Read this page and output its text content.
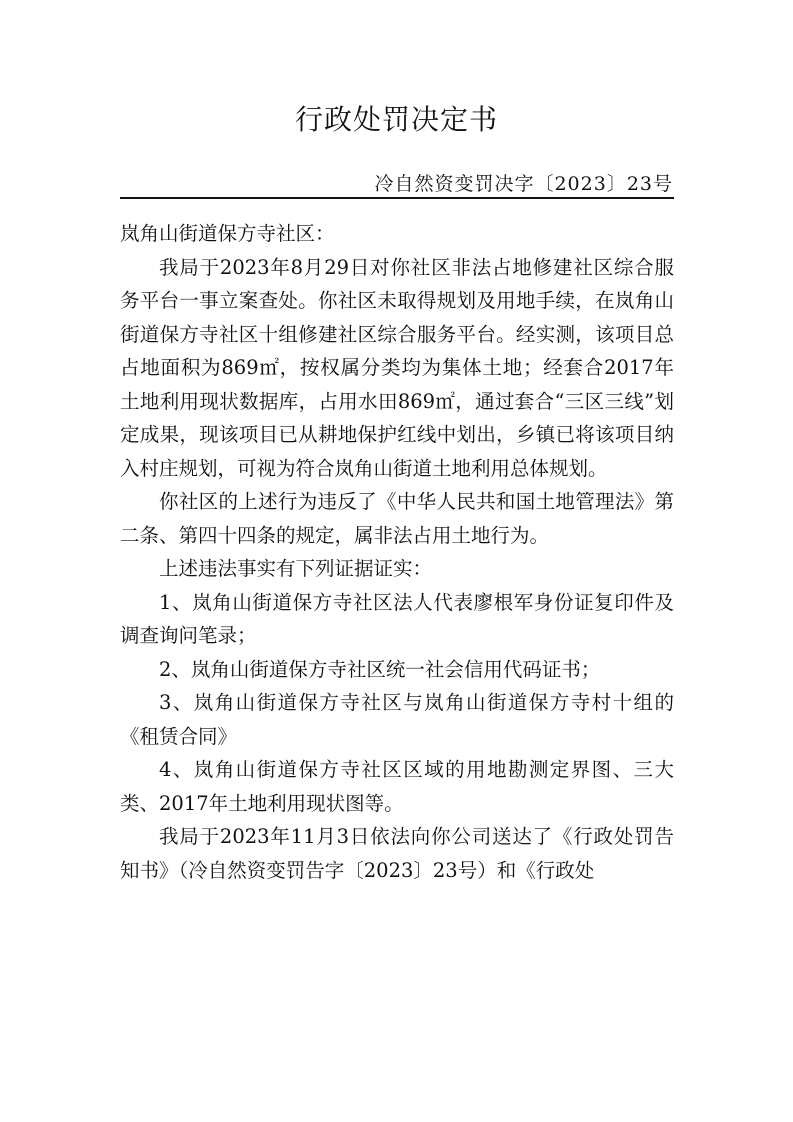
行政处罚决定书
冷自然资变罚决字〔2023〕23号

岚角山街道保方寺社区：

我局于2023年8月29日对你社区非法占地修建社区综合服务平台一事立案查处。你社区未取得规划及用地手续，在岚角山街道保方寺社区十组修建社区综合服务平台。经实测，该项目总占地面积为869㎡，按权属分类均为集体土地；经套合2017年土地利用现状数据库，占用水田869㎡，通过套合“三区三线”划定成果，现该项目已从耕地保护红线中划出，乡镇已将该项目纳入村庄规划，可视为符合岚角山街道土地利用总体规划。

你社区的上述行为违反了《中华人民共和国土地管理法》第二条、第四十四条的规定，属非法占用土地行为。

上述违法事实有下列证据证实：

1、岚角山街道保方寺社区法人代表廖根军身份证复印件及调查询问笔录；

2、岚角山街道保方寺社区统一社会信用代码证书；

3、岚角山街道保方寺社区与岚角山街道保方寺村十组的《租赁合同》

4、岚角山街道保方寺社区区域的用地勘测定界图、三大类、2017年土地利用现状图等。

我局于2023年11月3日依法向你公司送达了《行政处罚告知书》（冷自然资变罚告字〔2023〕23号）和《行政处
